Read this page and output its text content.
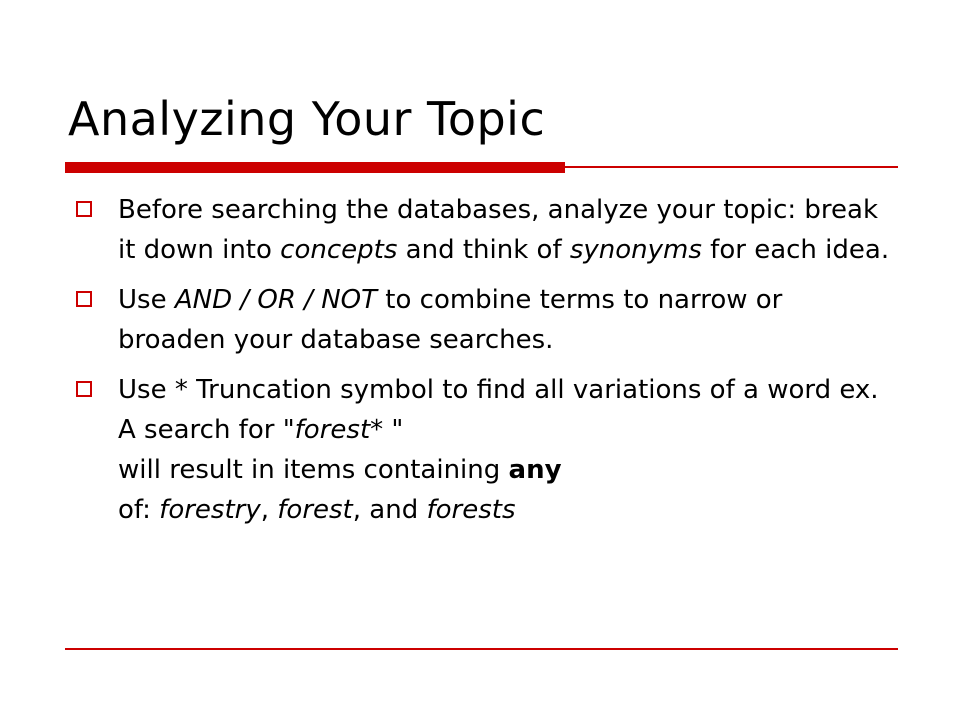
Analyzing Your Topic
Before searching the databases, analyze your topic: break it down into concepts and think of synonyms for each idea.
Use AND / OR / NOT to combine terms to narrow or broaden your database searches.
Use * Truncation symbol to find all variations of a word ex. A search for "forest* "
will result in items containing any
of: forestry, forest, and forests
